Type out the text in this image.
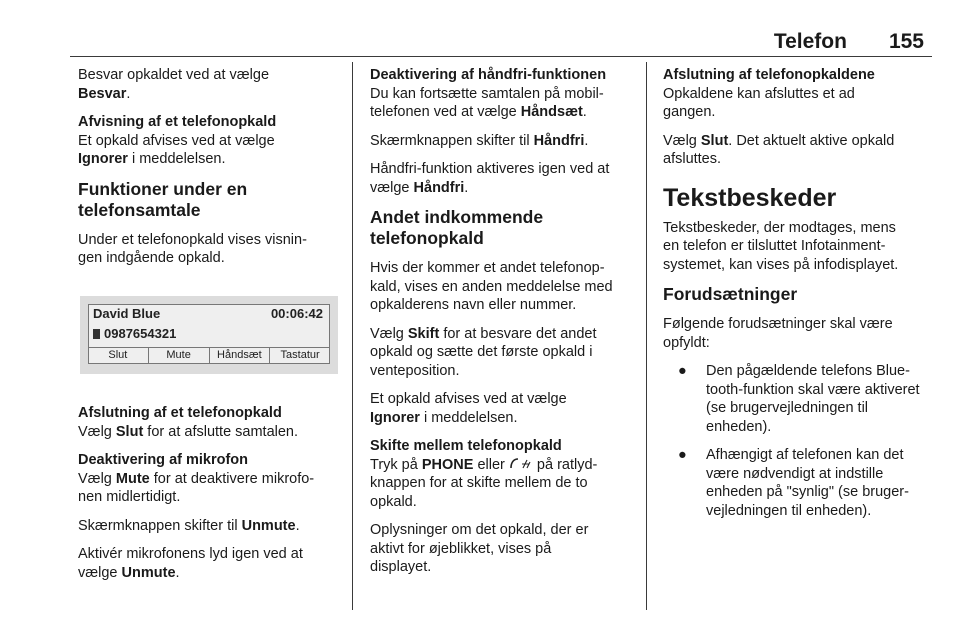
Telefon 155

Besvar opkaldet ved at vælge
Besvar.

Afvisning af et telefonopkald

Et opkald afvises ved at vælge
Ignorer i meddelelsen.

Funktioner under en
telefonsamtale

Under et telefonopkald vises visnin-
gen indgående opkald.

David Blue	00:06:42
0987654321
Slut	Mute	Håndsæt	Tastatur
Afslutning af et telefonopkald

Vælg Slut for at afslutte samtalen.

Deaktivering af mikrofon

Vælg Mute for at deaktivere mikrofo-
nen midlertidigt.

Skærmknappen skifter til Unmute.

Aktivér mikrofonens lyd igen ved at
vælge Unmute.

Deaktivering af håndfri-funktionen

Du kan fortsætte samtalen på mobil-
telefonen ved at vælge Håndsæt.

Skærmknappen skifter til Håndfri.

Håndfri-funktion aktiveres igen ved at
vælge Håndfri.

Andet indkommende
telefonopkald

Hvis der kommer et andet telefonop-
kald, vises en anden meddelelse med
opkalderens navn eller nummer.

Vælg Skift for at besvare det andet
opkald og sætte det første opkald i
venteposition.

Et opkald afvises ved at vælge
Ignorer i meddelelsen.

Skifte mellem telefonopkald

Tryk på PHONE eller  på ratlyd-
knappen for at skifte mellem de to
opkald.

Oplysninger om det opkald, der er
aktivt for øjeblikket, vises på
displayet.

Afslutning af telefonopkaldene

Opkaldene kan afsluttes et ad
gangen.

Vælg Slut. Det aktuelt aktive opkald
afsluttes.

Tekstbeskeder

Tekstbeskeder, der modtages, mens
en telefon er tilsluttet Infotainment-
systemet, kan vises på infodisplayet.

Forudsætninger

Følgende forudsætninger skal være
opfyldt:

● Den pågældende telefons Blue-
tooth-funktion skal være aktiveret
(se brugervejledningen til
enheden).
● Afhængigt af telefonen kan det
være nødvendigt at indstille
enheden på "synlig" (se bruger-
vejledningen til enheden).
